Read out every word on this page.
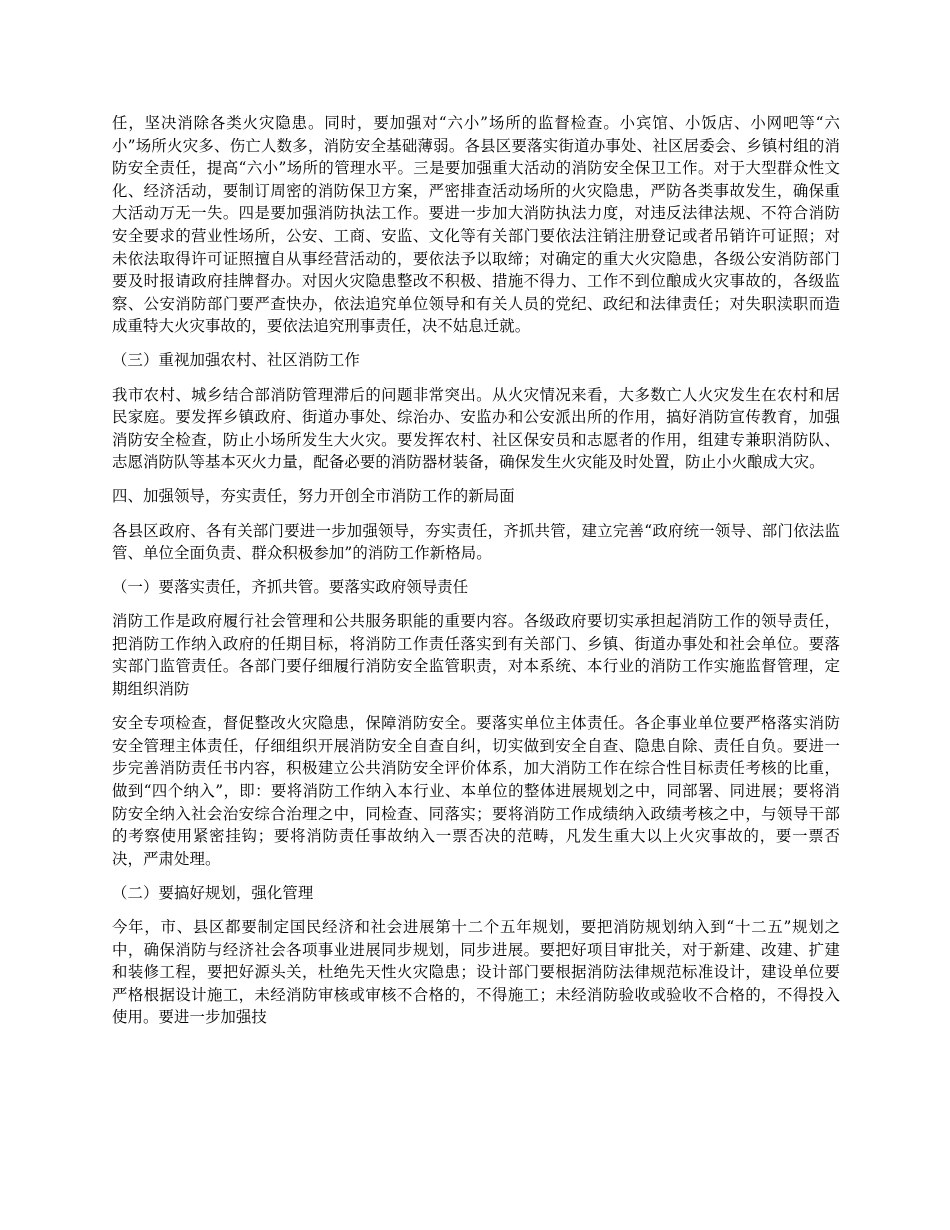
任，坚决消除各类火灾隐患。同时，要加强对“六小”场所的监督检查。小宾馆、小饭店、小网吧等“六小”场所火灾多、伤亡人数多，消防安全基础薄弱。各县区要落实街道办事处、社区居委会、乡镇村组的消防安全责任，提高“六小”场所的管理水平。三是要加强重大活动的消防安全保卫工作。对于大型群众性文化、经济活动，要制订周密的消防保卫方案，严密排查活动场所的火灾隐患，严防各类事故发生，确保重大活动万无一失。四是要加强消防执法工作。要进一步加大消防执法力度，对违反法律法规、不符合消防安全要求的营业性场所，公安、工商、安监、文化等有关部门要依法注销注册登记或者吊销许可证照；对未依法取得许可证照擅自从事经营活动的，要依法予以取缔；对确定的重大火灾隐患，各级公安消防部门要及时报请政府挂牌督办。对因火灾隐患整改不积极、措施不得力、工作不到位酿成火灾事故的，各级监察、公安消防部门要严查快办，依法追究单位领导和有关人员的党纪、政纪和法律责任；对失职渎职而造成重特大火灾事故的，要依法追究刑事责任，决不姑息迁就。

（三）重视加强农村、社区消防工作

我市农村、城乡结合部消防管理滞后的问题非常突出。从火灾情况来看，大多数亡人火灾发生在农村和居民家庭。要发挥乡镇政府、街道办事处、综治办、安监办和公安派出所的作用，搞好消防宣传教育，加强消防安全检查，防止小场所发生大火灾。要发挥农村、社区保安员和志愿者的作用，组建专兼职消防队、志愿消防队等基本灭火力量，配备必要的消防器材装备，确保发生火灾能及时处置，防止小火酿成大灾。

四、加强领导，夯实责任，努力开创全市消防工作的新局面

各县区政府、各有关部门要进一步加强领导，夯实责任，齐抓共管，建立完善“政府统一领导、部门依法监管、单位全面负责、群众积极参加”的消防工作新格局。

（一）要落实责任，齐抓共管。要落实政府领导责任

消防工作是政府履行社会管理和公共服务职能的重要内容。各级政府要切实承担起消防工作的领导责任，把消防工作纳入政府的任期目标，将消防工作责任落实到有关部门、乡镇、街道办事处和社会单位。要落实部门监管责任。各部门要仔细履行消防安全监管职责，对本系统、本行业的消防工作实施监督管理，定期组织消防

安全专项检查，督促整改火灾隐患，保障消防安全。要落实单位主体责任。各企事业单位要严格落实消防安全管理主体责任，仔细组织开展消防安全自查自纠，切实做到安全自查、隐患自除、责任自负。要进一步完善消防责任书内容，积极建立公共消防安全评价体系，加大消防工作在综合性目标责任考核的比重，做到“四个纳入”，即：要将消防工作纳入本行业、本单位的整体进展规划之中，同部署、同进展；要将消防安全纳入社会治安综合治理之中，同检查、同落实；要将消防工作成绩纳入政绩考核之中，与领导干部的考察使用紧密挂钩；要将消防责任事故纳入一票否决的范畴，凡发生重大以上火灾事故的，要一票否决，严肃处理。

（二）要搞好规划，强化管理

今年，市、县区都要制定国民经济和社会进展第十二个五年规划，要把消防规划纳入到“十二五”规划之中，确保消防与经济社会各项事业进展同步规划，同步进展。要把好项目审批关，对于新建、改建、扩建和装修工程，要把好源头关，杜绝先天性火灾隐患；设计部门要根据消防法律规范标准设计，建设单位要严格根据设计施工，未经消防审核或审核不合格的，不得施工；未经消防验收或验收不合格的，不得投入使用。要进一步加强技
